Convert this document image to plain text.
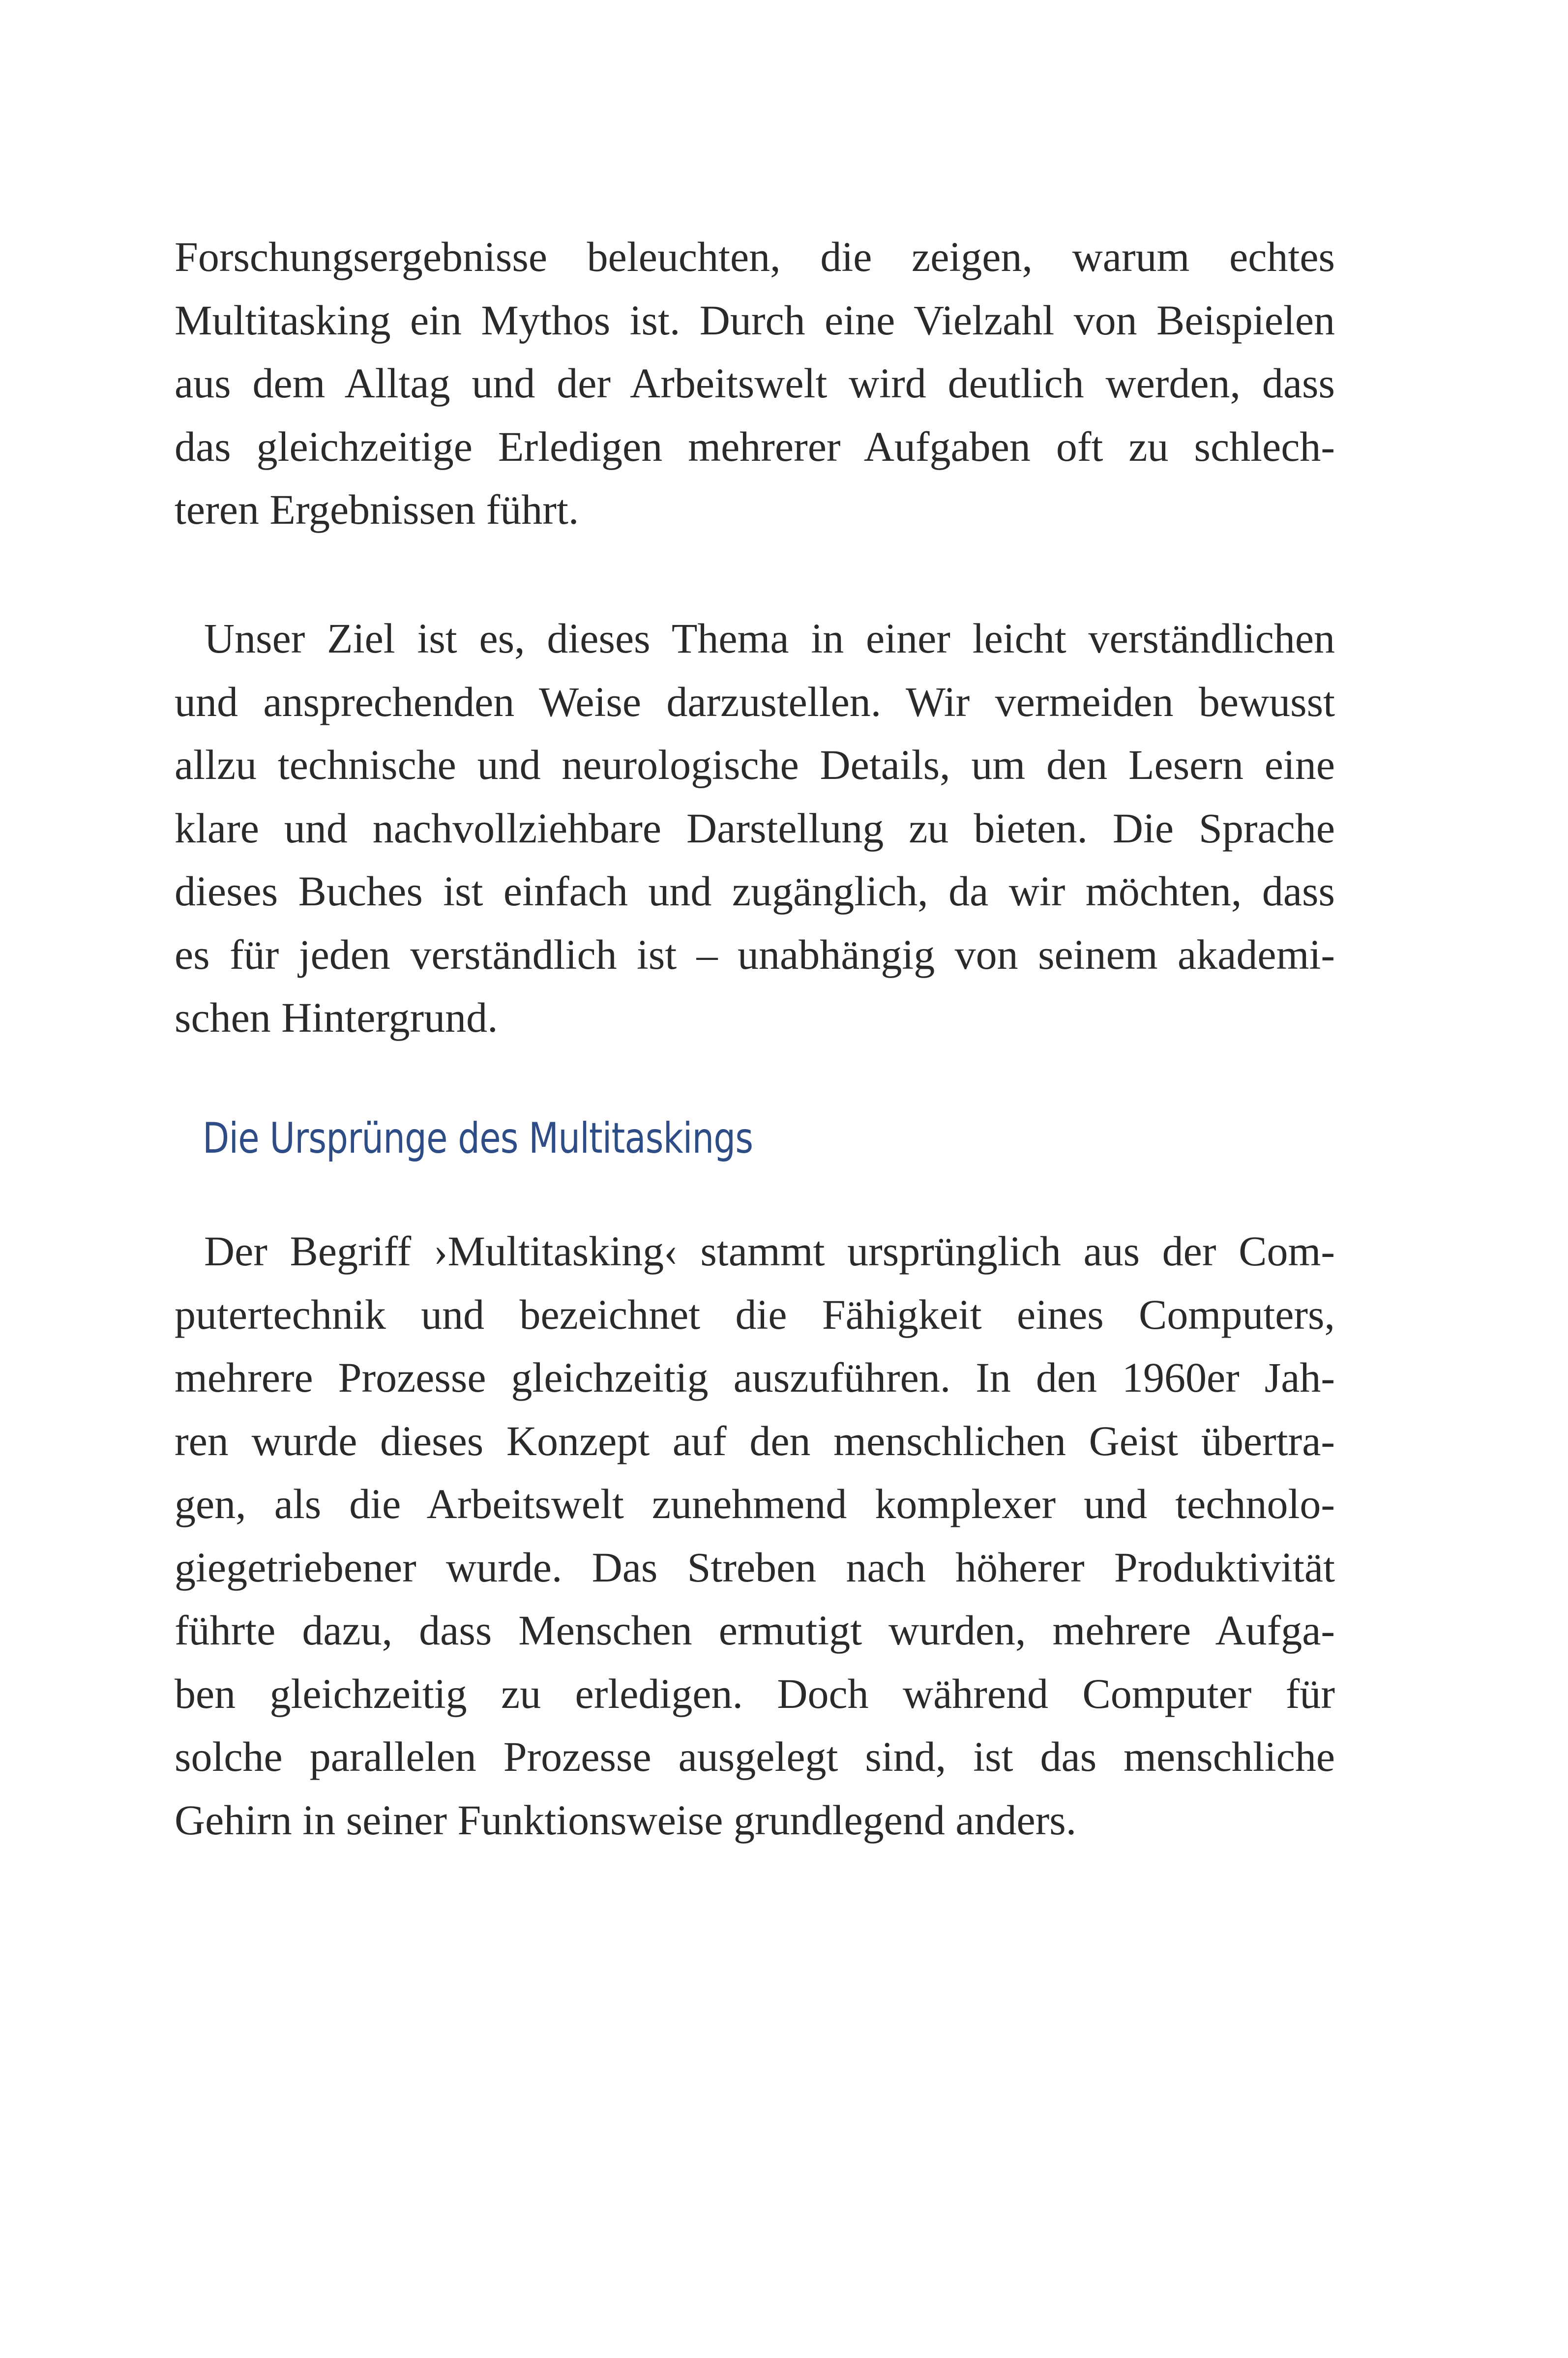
Forschungsergebnisse beleuchten, die zeigen, warum echtes
Multitasking ein Mythos ist. Durch eine Vielzahl von Beispielen
aus dem Alltag und der Arbeitswelt wird deutlich werden, dass
das gleichzeitige Erledigen mehrerer Aufgaben oft zu schlech-
teren Ergebnissen führt.
Unser Ziel ist es, dieses Thema in einer leicht verständlichen
und ansprechenden Weise darzustellen. Wir vermeiden bewusst
allzu technische und neurologische Details, um den Lesern eine
klare und nachvollziehbare Darstellung zu bieten. Die Sprache
dieses Buches ist einfach und zugänglich, da wir möchten, dass
es für jeden verständlich ist – unabhängig von seinem akademi-
schen Hintergrund.
Die Ursprünge des Multitaskings
Der Begriff ›Multitasking‹ stammt ursprünglich aus der Com-
putertechnik und bezeichnet die Fähigkeit eines Computers,
mehrere Prozesse gleichzeitig auszuführen. In den 1960er Jah-
ren wurde dieses Konzept auf den menschlichen Geist übertra-
gen, als die Arbeitswelt zunehmend komplexer und technolo-
giegetriebener wurde. Das Streben nach höherer Produktivität
führte dazu, dass Menschen ermutigt wurden, mehrere Aufga-
ben gleichzeitig zu erledigen. Doch während Computer für
solche parallelen Prozesse ausgelegt sind, ist das menschliche
Gehirn in seiner Funktionsweise grundlegend anders.
